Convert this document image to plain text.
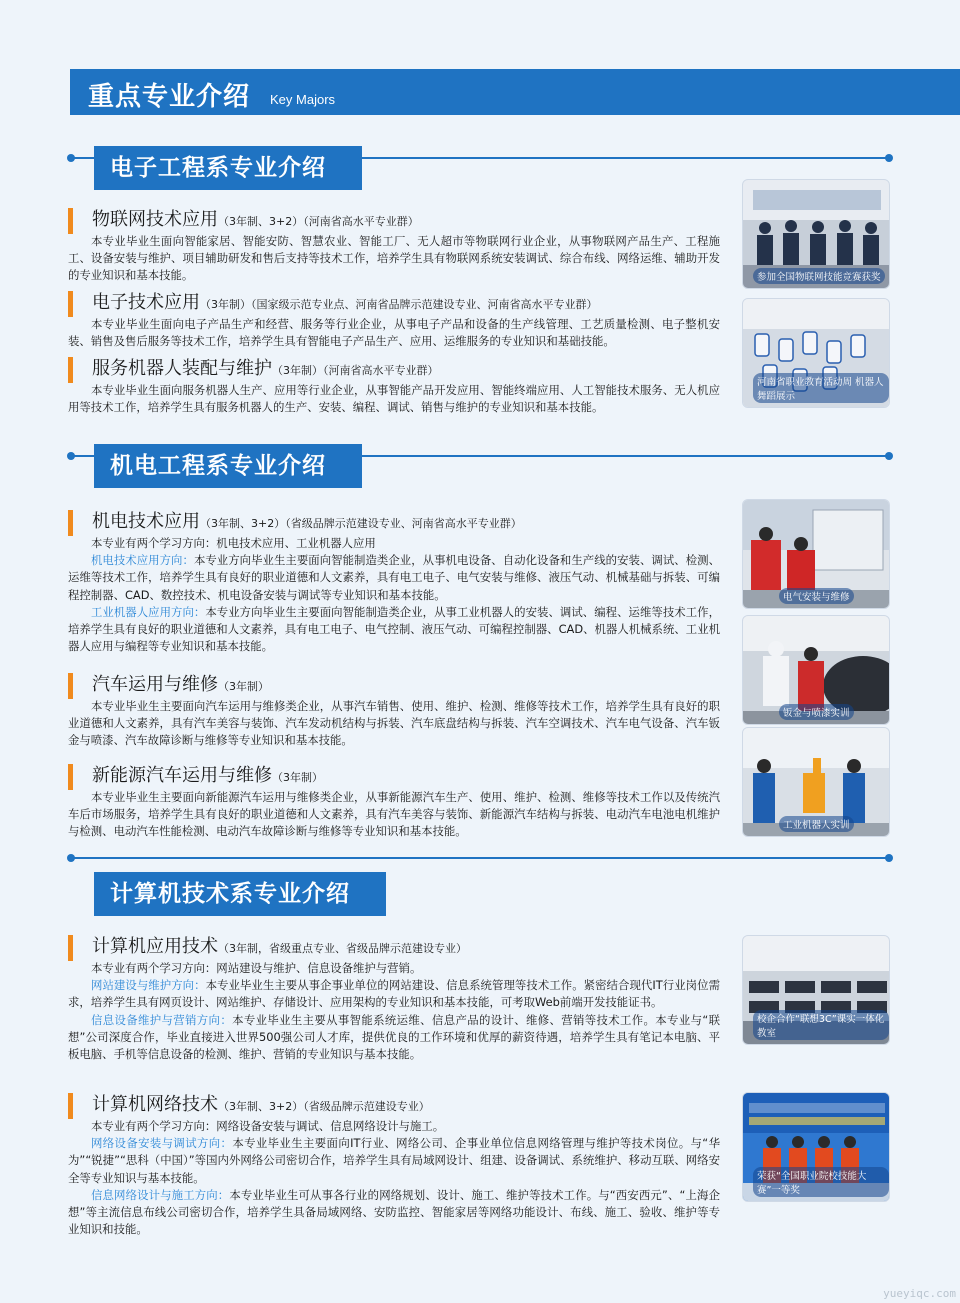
重点专业介绍 Key Majors
电子工程系专业介绍
物联网技术应用（3年制、3+2）（河南省高水平专业群）

本专业毕业生面向智能家居、智能安防、智慧农业、智能工厂、无人超市等物联网行业企业，从事物联网产品生产、工程施工、设备安装与维护、项目辅助研发和售后支持等技术工作，培养学生具有物联网系统安装调试、综合布线、网络运维、辅助开发的专业知识和基本技能。

电子技术应用（3年制）（国家级示范专业点、河南省品牌示范建设专业、河南省高水平专业群）

本专业毕业生面向电子产品生产和经营、服务等行业企业，从事电子产品和设备的生产线管理、工艺质量检测、电子整机安装、销售及售后服务等技术工作，培养学生具有智能电子产品生产、应用、运维服务的专业知识和基础技能。

服务机器人装配与维护（3年制）（河南省高水平专业群）

本专业毕业生面向服务机器人生产、应用等行业企业，从事智能产品开发应用、智能终端应用、人工智能技术服务、无人机应用等技术工作，培养学生具有服务机器人的生产、安装、编程、调试、销售与维护的专业知识和基本技能。

参加全国物联网技能竞赛获奖
河南省职业教育活动周 机器人舞蹈展示
机电工程系专业介绍
机电技术应用（3年制、3+2）（省级品牌示范建设专业、河南省高水平专业群）

本专业有两个学习方向：机电技术应用、工业机器人应用

机电技术应用方向：本专业方向毕业生主要面向智能制造类企业，从事机电设备、自动化设备和生产线的安装、调试、检测、运维等技术工作，培养学生具有良好的职业道德和人文素养，具有电工电子、电气安装与维修、液压气动、机械基础与拆装、可编程控制器、CAD、数控技术、机电设备安装与调试等专业知识和基本技能。

工业机器人应用方向：本专业方向毕业生主要面向智能制造类企业，从事工业机器人的安装、调试、编程、运维等技术工作，培养学生具有良好的职业道德和人文素养，具有电工电子、电气控制、液压气动、可编程控制器、CAD、机器人机械系统、工业机器人应用与编程等专业知识和基本技能。

汽车运用与维修（3年制）

本专业毕业生主要面向汽车运用与维修类企业，从事汽车销售、使用、维护、检测、维修等技术工作，培养学生具有良好的职业道德和人文素养，具有汽车美容与装饰、汽车发动机结构与拆装、汽车底盘结构与拆装、汽车空调技术、汽车电气设备、汽车钣金与喷漆、汽车故障诊断与维修等专业知识和基本技能。

新能源汽车运用与维修（3年制）

本专业毕业生主要面向新能源汽车运用与维修类企业，从事新能源汽车生产、使用、维护、检测、维修等技术工作以及传统汽车后市场服务，培养学生具有良好的职业道德和人文素养，具有汽车美容与装饰、新能源汽车结构与拆装、电动汽车电池电机维护与检测、电动汽车性能检测、电动汽车故障诊断与维修等专业知识和基本技能。

电气安装与维修
钣金与喷漆实训
工业机器人实训
计算机技术系专业介绍
计算机应用技术（3年制，省级重点专业、省级品牌示范建设专业）

本专业有两个学习方向：网站建设与维护、信息设备维护与营销。

网站建设与维护方向：本专业毕业生主要从事企事业单位的网站建设、信息系统管理等技术工作。紧密结合现代IT行业岗位需求，培养学生具有网页设计、网站维护、存储设计、应用架构的专业知识和基本技能，可考取Web前端开发技能证书。

信息设备维护与营销方向：本专业毕业生主要从事智能系统运维、信息产品的设计、维修、营销等技术工作。本专业与“联想”公司深度合作，毕业直接进入世界500强公司人才库，提供优良的工作环境和优厚的薪资待遇，培养学生具有笔记本电脑、平板电脑、手机等信息设备的检测、维护、营销的专业知识与基本技能。

计算机网络技术（3年制、3+2）（省级品牌示范建设专业）

本专业有两个学习方向：网络设备安装与调试、信息网络设计与施工。

网络设备安装与调试方向：本专业毕业生主要面向IT行业、网络公司、企事业单位信息网络管理与维护等技术岗位。与“华为”“锐捷”“思科（中国）”等国内外网络公司密切合作，培养学生具有局域网设计、组建、设备调试、系统维护、移动互联、网络安全等专业知识与基本技能。

信息网络设计与施工方向：本专业毕业生可从事各行业的网络规划、设计、施工、维护等技术工作。与“西安西元”、“上海企想”等主流信息布线公司密切合作，培养学生具备局域网络、安防监控、智能家居等网络功能设计、布线、施工、验收、维护等专业知识和技能。

校企合作“联想3C”课实一体化教室
荣获“全国职业院校技能大赛”一等奖
yueyiqc.com
